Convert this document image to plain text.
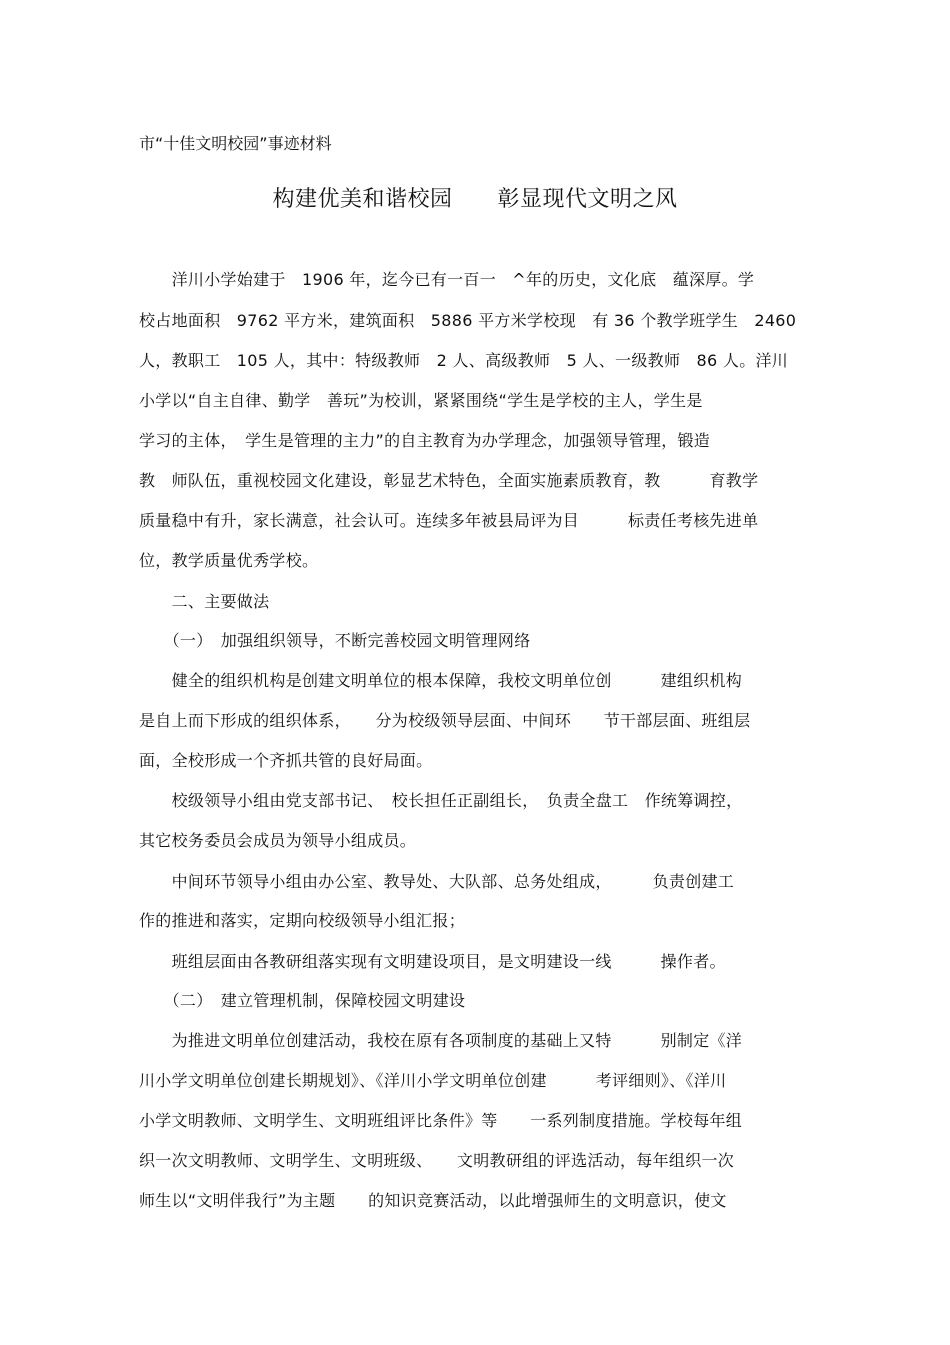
市“十佳文明校园”事迹材料
构建优美和谐校园　　彰显现代文明之风
　　洋川小学始建于　1906 年，迄今已有一百一　^年的历史，文化底　蕴深厚。学
校占地面积　9762 平方米，建筑面积　5886 平方米学校现　有 36 个教学班学生　2460
人，教职工　105 人，其中：特级教师　2 人、高级教师　5 人、一级教师　86 人。洋川
小学以“自主自律、勤学　善玩”为校训，紧紧围绕“学生是学校的主人，学生是
学习的主体，　学生是管理的主力”的自主教育为办学理念，加强领导管理，锻造
教　师队伍，重视校园文化建设，彰显艺术特色，全面实施素质教育，教　　　育教学
质量稳中有升，家长满意，社会认可。连续多年被县局评为目　　　标责任考核先进单
位，教学质量优秀学校。
　　二、主要做法
　　（一）　加强组织领导，不断完善校园文明管理网络
　　健全的组织机构是创建文明单位的根本保障，我校文明单位创　　　建组织机构
是自上而下形成的组织体系，　　分为校级领导层面、中间环　　节干部层面、班组层
面，全校形成一个齐抓共管的良好局面。
　　校级领导小组由党支部书记、　校长担任正副组长，　负责全盘工　作统筹调控，
其它校务委员会成员为领导小组成员。
　　中间环节领导小组由办公室、教导处、大队部、总务处组成，　　　负责创建工
作的推进和落实，定期向校级领导小组汇报；
　　班组层面由各教研组落实现有文明建设项目，是文明建设一线　　　操作者。
　　（二）　建立管理机制，保障校园文明建设
　　为推进文明单位创建活动，我校在原有各项制度的基础上又特　　　别制定《洋
川小学文明单位创建长期规划》、《洋川小学文明单位创建　　　考评细则》、《洋川
小学文明教师、文明学生、文明班组评比条件》等　　一系列制度措施。学校每年组
织一次文明教师、文明学生、文明班级、　　文明教研组的评选活动，每年组织一次
师生以“文明伴我行”为主题　　的知识竞赛活动，以此增强师生的文明意识，使文
